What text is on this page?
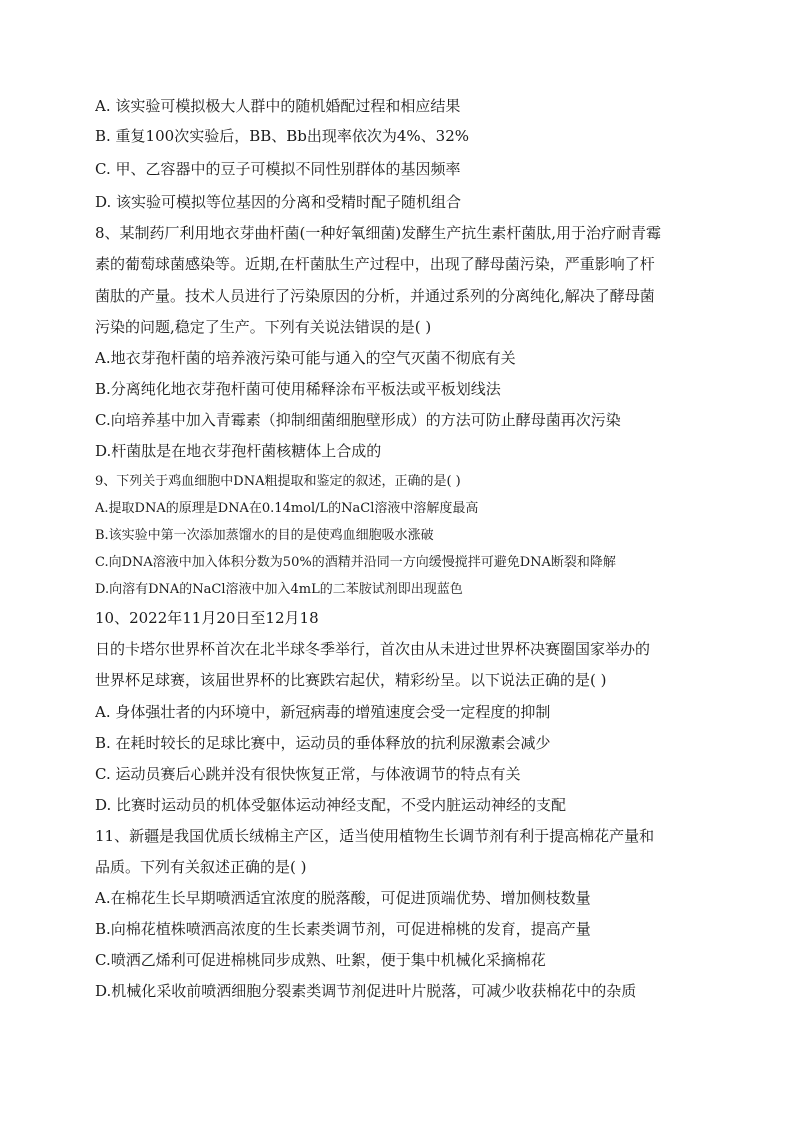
A. 该实验可模拟极大人群中的随机婚配过程和相应结果
B. 重复100次实验后，BB、Bb出现率依次为4%、32%
C. 甲、乙容器中的豆子可模拟不同性别群体的基因频率
D. 该实验可模拟等位基因的分离和受精时配子随机组合
8、某制药厂利用地衣芽曲杆菌(一种好氧细菌)发酵生产抗生素杆菌肽,用于治疗耐青霉
素的葡萄球菌感染等。近期,在杆菌肽生产过程中，出现了酵母菌污染，严重影响了杆
菌肽的产量。技术人员进行了污染原因的分析，并通过系列的分离纯化,解决了酵母菌
污染的问题,稳定了生产。下列有关说法错误的是( )
A.地衣芽孢杆菌的培养液污染可能与通入的空气灭菌不彻底有关
B.分离纯化地衣芽孢杆菌可使用稀释涂布平板法或平板划线法
C.向培养基中加入青霉素（抑制细菌细胞壁形成）的方法可防止酵母菌再次污染
D.杆菌肽是在地衣芽孢杆菌核糖体上合成的
9、下列关于鸡血细胞中DNA粗提取和鉴定的叙述，正确的是( )
A.提取DNA的原理是DNA在0.14mol/L的NaCl溶液中溶解度最高
B.该实验中第一次添加蒸馏水的目的是使鸡血细胞吸水涨破
C.向DNA溶液中加入体积分数为50%的酒精并沿同一方向缓慢搅拌可避免DNA断裂和降解
D.向溶有DNA的NaCl溶液中加入4mL的二苯胺试剂即出现蓝色
10、2022年11月20日至12月18
日的卡塔尔世界杯首次在北半球冬季举行，首次由从未进过世界杯决赛圈国家举办的
世界杯足球赛，该届世界杯的比赛跌宕起伏，精彩纷呈。以下说法正确的是( )
A. 身体强壮者的内环境中，新冠病毒的增殖速度会受一定程度的抑制
B. 在耗时较长的足球比赛中，运动员的垂体释放的抗利尿激素会减少
C. 运动员赛后心跳并没有很快恢复正常，与体液调节的特点有关
D. 比赛时运动员的机体受躯体运动神经支配，不受内脏运动神经的支配
11、新疆是我国优质长绒棉主产区，适当使用植物生长调节剂有利于提高棉花产量和
品质。下列有关叙述正确的是( )
A.在棉花生长早期喷洒适宜浓度的脱落酸，可促进顶端优势、增加侧枝数量
B.向棉花植株喷洒高浓度的生长素类调节剂，可促进棉桃的发育，提高产量
C.喷洒乙烯利可促进棉桃同步成熟、吐絮，便于集中机械化采摘棉花
D.机械化采收前喷洒细胞分裂素类调节剂促进叶片脱落，可减少收获棉花中的杂质
